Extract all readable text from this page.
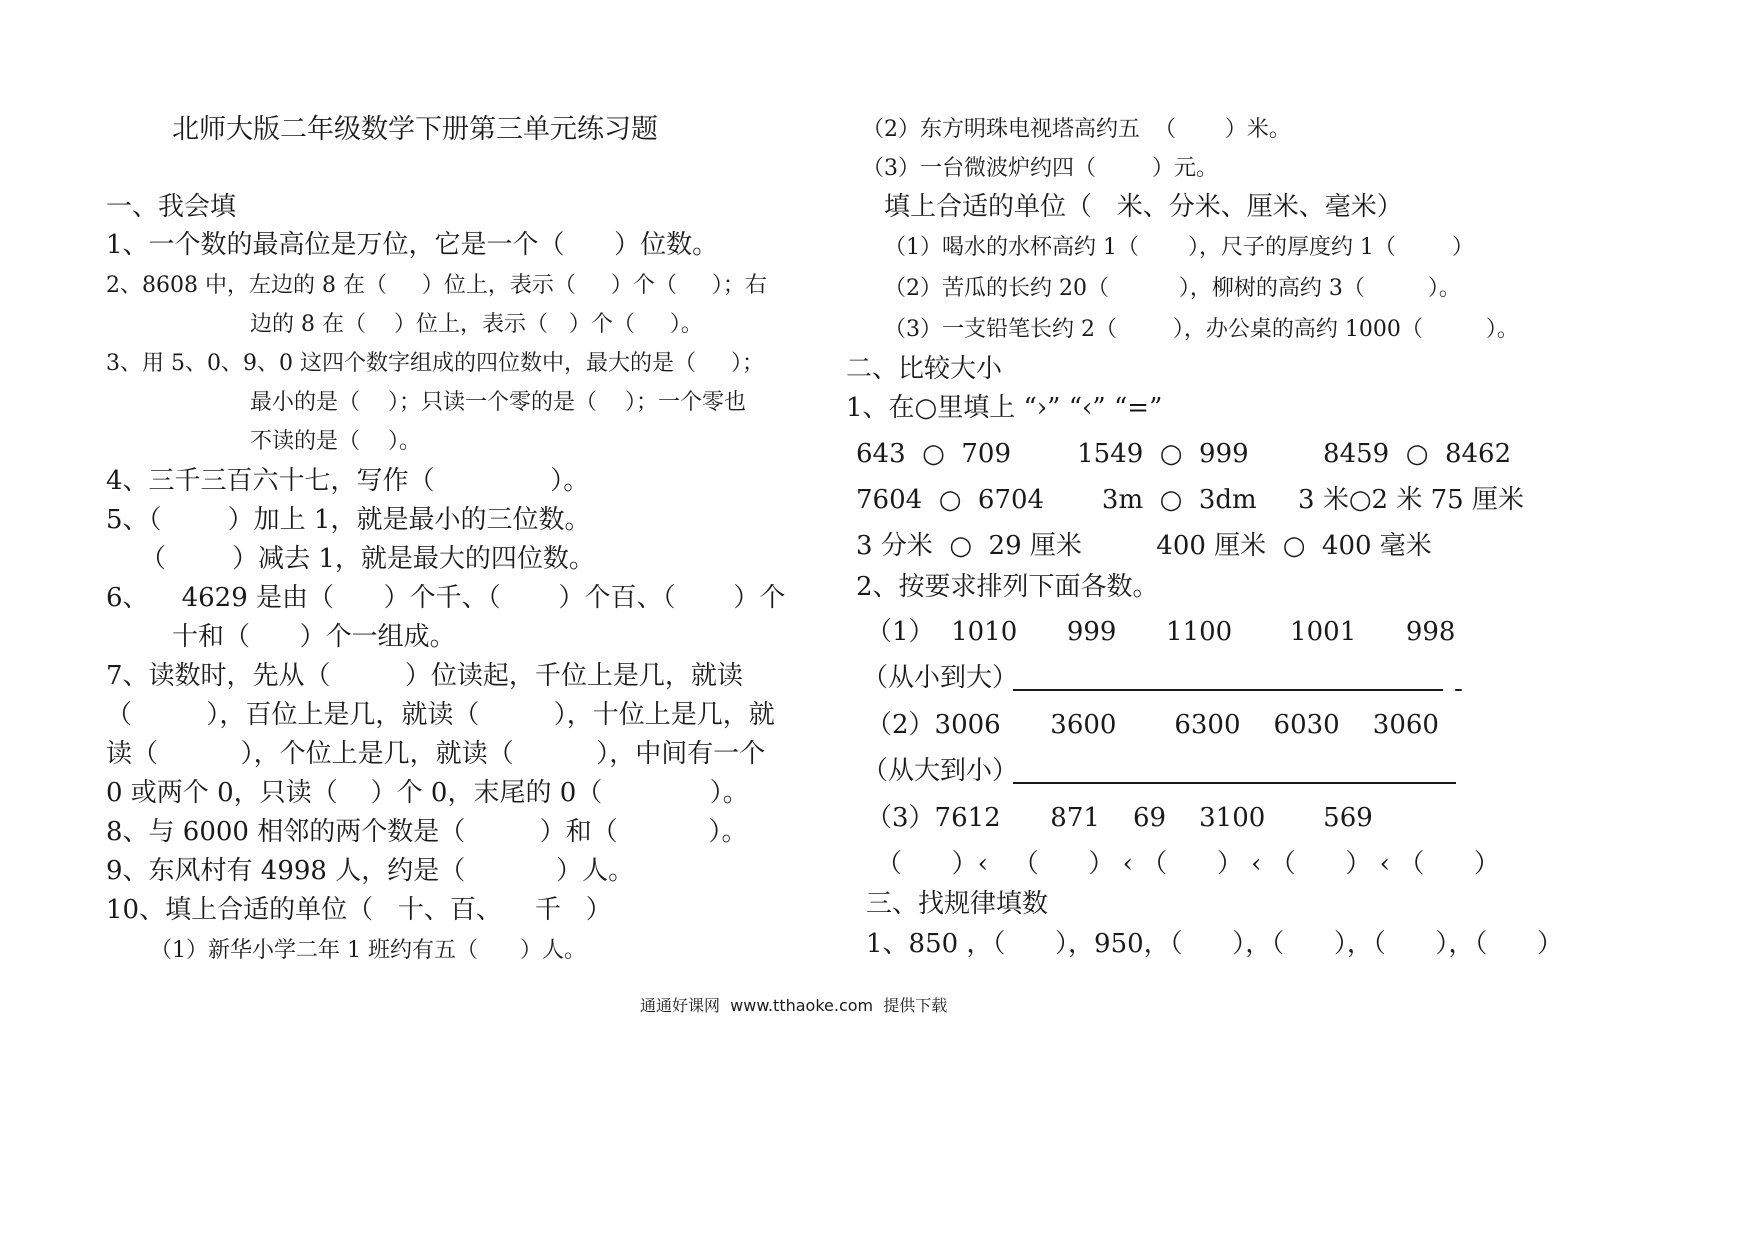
北师大版二年级数学下册第三单元练习题
一、我会填
1、一个数的最高位是万位，它是一个（      ）位数。
2、8608 中，左边的 8 在（     ）位上，表示（     ）个（     ）；右
边的 8 在（    ）位上，表示（   ）个（     ）。
3、用 5、0、9、0 这四个数字组成的四位数中，最大的是（     ）；
最小的是（    ）；只读一个零的是（    ）；一个零也
不读的是（    ）。
4、三千三百六十七，写作（              ）。
5、（        ）加上 1，就是最小的三位数。
（        ）减去 1，就是最大的四位数。
6、    4629 是由（      ）个千、（       ）个百、（       ）个
十和（      ）个一组成。
7、读数时，先从（         ）位读起，千位上是几，就读
（         ），百位上是几，就读（         ），十位上是几，就
读（          ），个位上是几，就读（          ），中间有一个
0 或两个 0，只读（    ）个 0，末尾的 0（             ）。
8、与 6000 相邻的两个数是（         ）和（           ）。
9、东风村有 4998 人，约是（           ）人。
10、填上合适的单位（   十、百、    千   ）
（1）新华小学二年 1 班约有五（      ）人。
（2）东方明珠电视塔高约五  （       ）米。
（3）一台微波炉约四（        ）元。
填上合适的单位（   米、分米、厘米、毫米）
（1）喝水的水杯高约 1（       ），尺子的厚度约 1（        ）
（2）苦瓜的长约 20（          ），柳树的高约 3（         ）。
（3）一支铅笔长约 2（        ），办公桌的高约 1000（         ）。
二、比较大小
1、在○里填上 “›” “‹” “=”
643  ○  709        1549  ○  999         8459  ○  8462
7604  ○  6704       3m  ○  3dm     3 米○2 米 75 厘米
3 分米  ○  29 厘米         400 厘米  ○  400 毫米
2、按要求排列下面各数。
（1）  1010      999      1100       1001      998
（从小到大）	-
（2）3006      3600       6300    6030    3060
（从大到小）
（3）7612      871    69    3100       569
（      ）‹   （      ） ‹ （      ） ‹ （      ） ‹ （      ）
三、找规律填数
1、850 ，（      ），950，（      ），（      ），（      ），（      ）
通通好课网  www.tthaoke.com  提供下载
